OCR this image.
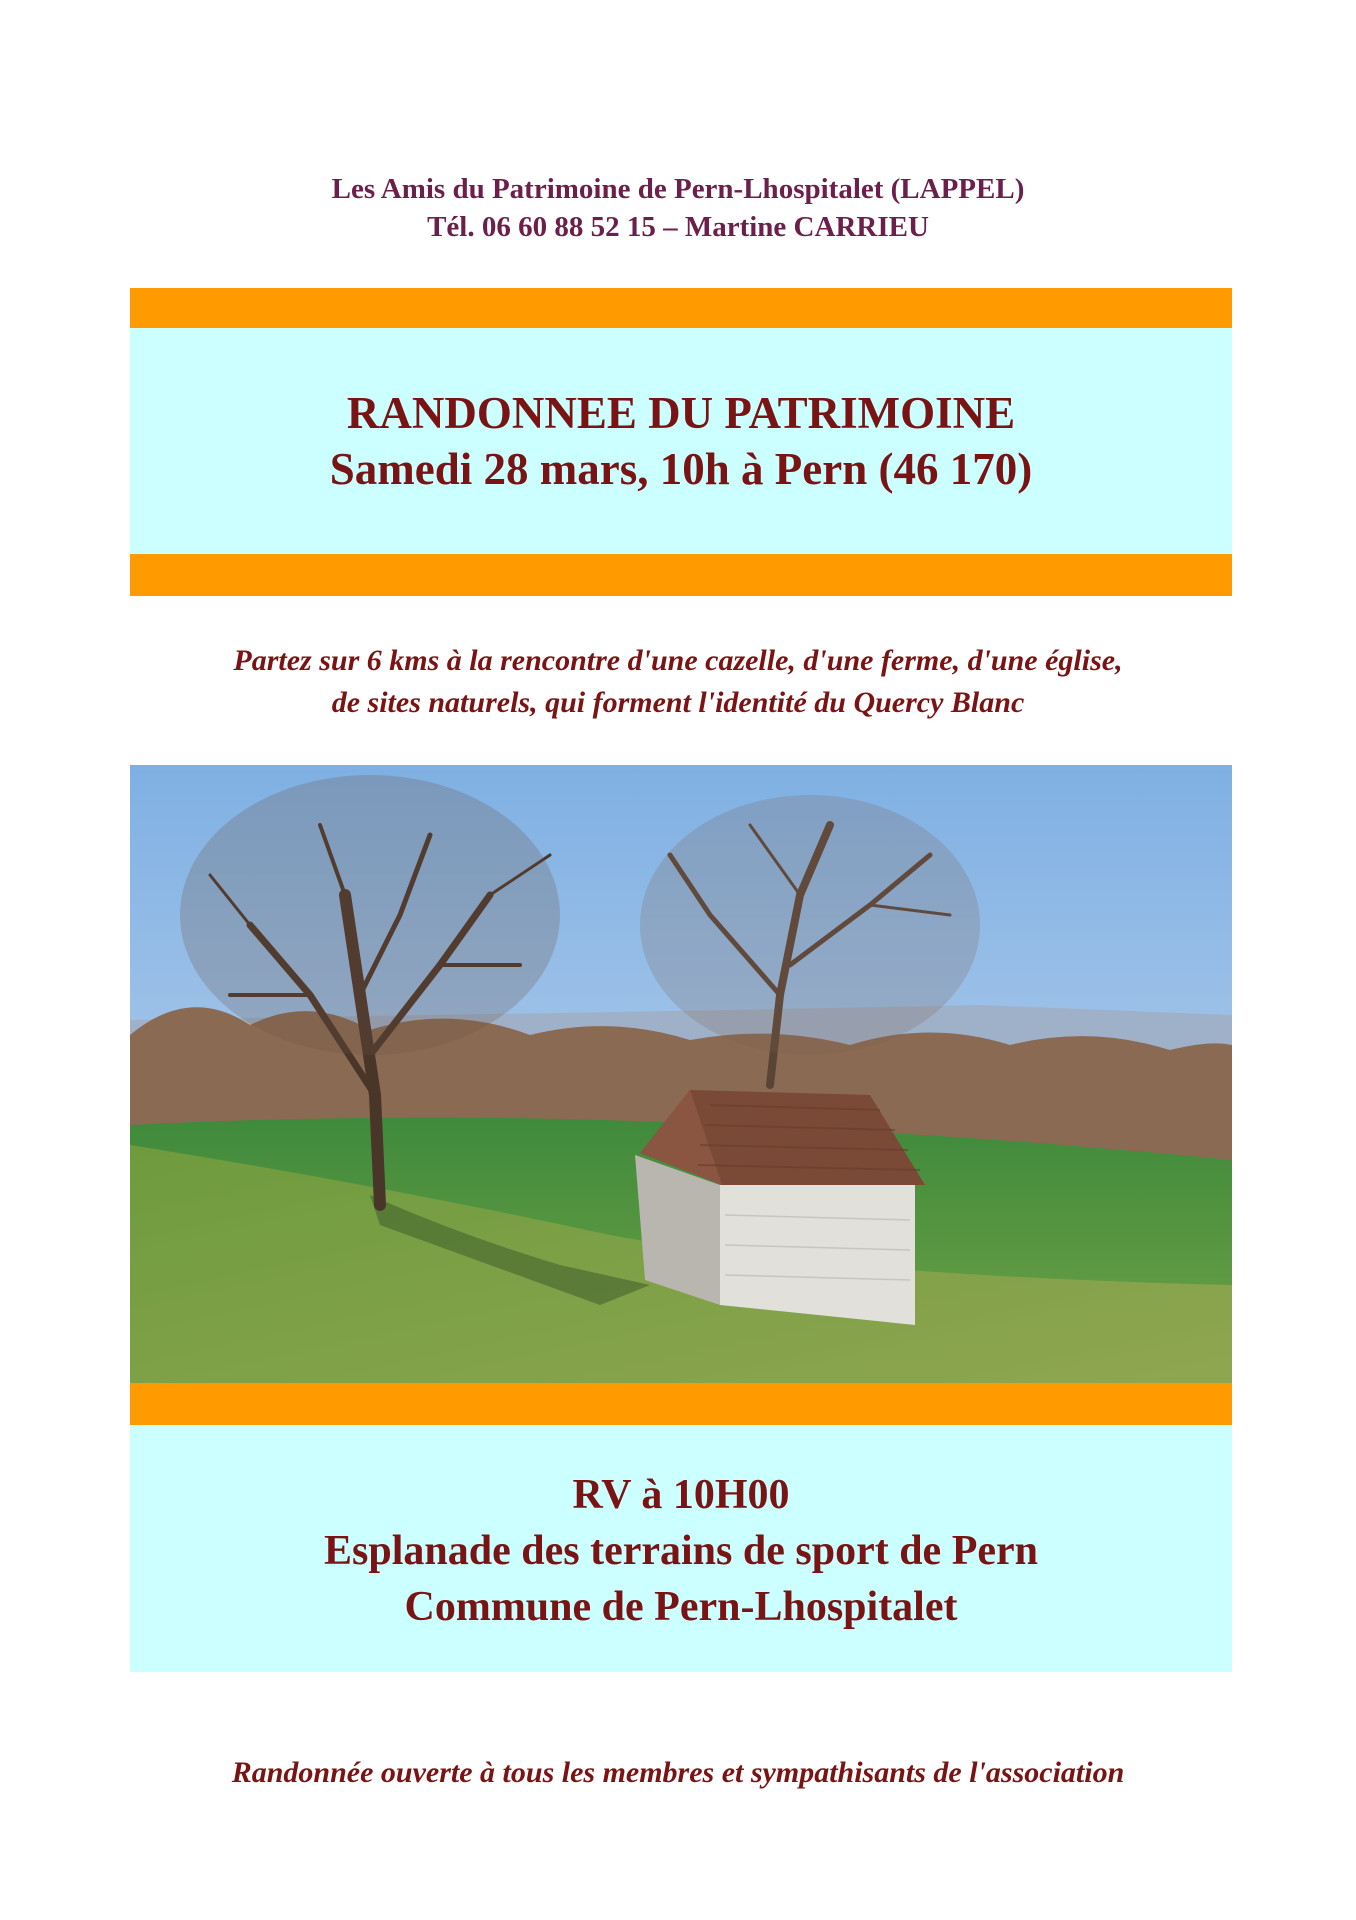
Les Amis du Patrimoine de Pern-Lhospitalet (LAPPEL)
Tél. 06 60 88 52 15 – Martine CARRIEU
RANDONNEE DU PATRIMOINE
Samedi 28 mars, 10h à Pern (46 170)
Partez sur 6 kms à la rencontre d'une cazelle, d'une ferme, d'une église,
de sites naturels, qui forment l'identité du Quercy Blanc
RV à 10H00
Esplanade des terrains de sport de Pern
Commune de Pern-Lhospitalet
Randonnée ouverte à tous les membres et sympathisants de l'association
